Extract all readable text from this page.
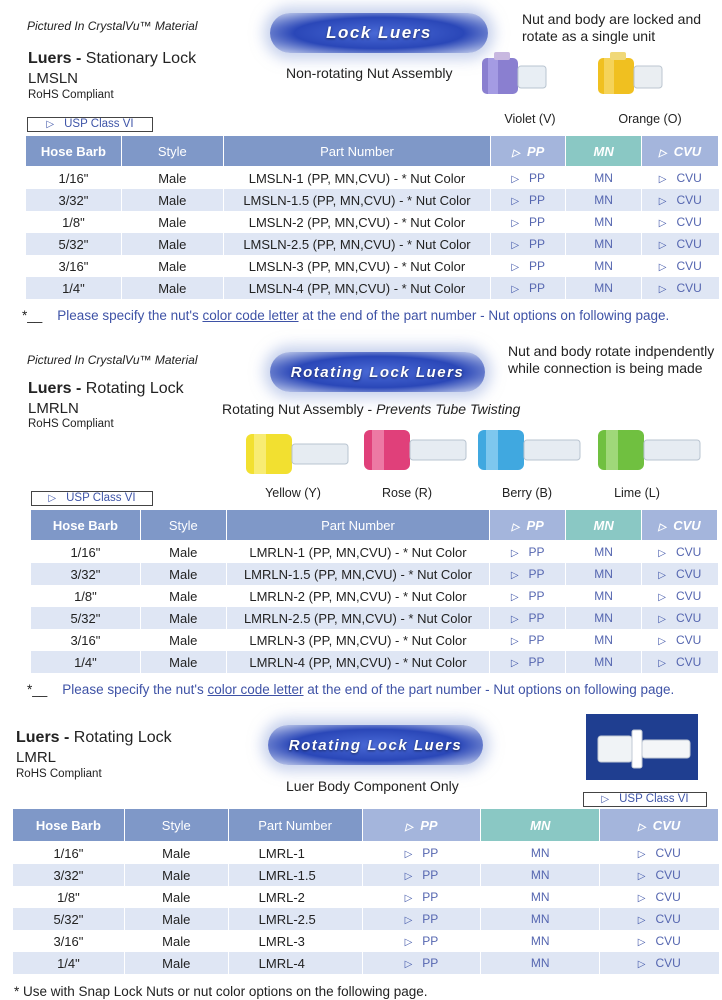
Pictured In CrystalVu™ Material
Luers - Stationary Lock
LMSLN
RoHS Compliant
Lock Luers
Non-rotating Nut Assembly
Nut and body are locked and
rotate as a single unit
▷ USP Class VI	Violet (V)	Orange (O)
Hose Barb	Style	Part Number	▷ PP	MN	▷ CVU
1/16"	Male	LMSLN-1 (PP, MN,CVU) - * Nut Color	▷ PP	MN	▷ CVU
3/32"	Male	LMSLN-1.5 (PP, MN,CVU) - * Nut Color	▷ PP	MN	▷ CVU
1/8"	Male	LMSLN-2 (PP, MN,CVU) - * Nut Color	▷ PP	MN	▷ CVU
5/32"	Male	LMSLN-2.5 (PP, MN,CVU) - * Nut Color	▷ PP	MN	▷ CVU
3/16"	Male	LMSLN-3 (PP, MN,CVU) - * Nut Color	▷ PP	MN	▷ CVU
1/4"	Male	LMSLN-4 (PP, MN,CVU) - * Nut Color	▷ PP	MN	▷ CVU
*__ Please specify the nut's color code letter at the end of the part number - Nut options on following page.
Pictured In CrystalVu™ Material
Luers - Rotating Lock
LMRLN
RoHS Compliant
Rotating Lock Luers
Rotating Nut Assembly - Prevents Tube Twisting
Nut and body rotate indpendently
while connection is being made
▷ USP Class VI	Yellow (Y)	Rose (R)	Berry (B)	Lime (L)
Hose Barb	Style	Part Number	▷ PP	MN	▷ CVU
1/16"	Male	LMRLN-1 (PP, MN,CVU) - * Nut Color	▷ PP	MN	▷ CVU
3/32"	Male	LMRLN-1.5 (PP, MN,CVU) - * Nut Color	▷ PP	MN	▷ CVU
1/8"	Male	LMRLN-2 (PP, MN,CVU) - * Nut Color	▷ PP	MN	▷ CVU
5/32"	Male	LMRLN-2.5 (PP, MN,CVU) - * Nut Color	▷ PP	MN	▷ CVU
3/16"	Male	LMRLN-3 (PP, MN,CVU) - * Nut Color	▷ PP	MN	▷ CVU
1/4"	Male	LMRLN-4 (PP, MN,CVU) - * Nut Color	▷ PP	MN	▷ CVU
*__ Please specify the nut's color code letter at the end of the part number - Nut options on following page.
Luers - Rotating Lock
LMRL
RoHS Compliant
Rotating Lock Luers
Luer Body Component Only
▷ USP Class VI
Hose Barb	Style	Part Number	▷ PP	MN	▷ CVU
1/16"	Male	LMRL-1	▷ PP	MN	▷ CVU
3/32"	Male	LMRL-1.5	▷ PP	MN	▷ CVU
1/8"	Male	LMRL-2	▷ PP	MN	▷ CVU
5/32"	Male	LMRL-2.5	▷ PP	MN	▷ CVU
3/16"	Male	LMRL-3	▷ PP	MN	▷ CVU
1/4"	Male	LMRL-4	▷ PP	MN	▷ CVU
* Use with Snap Lock Nuts or nut color options on the following page.
